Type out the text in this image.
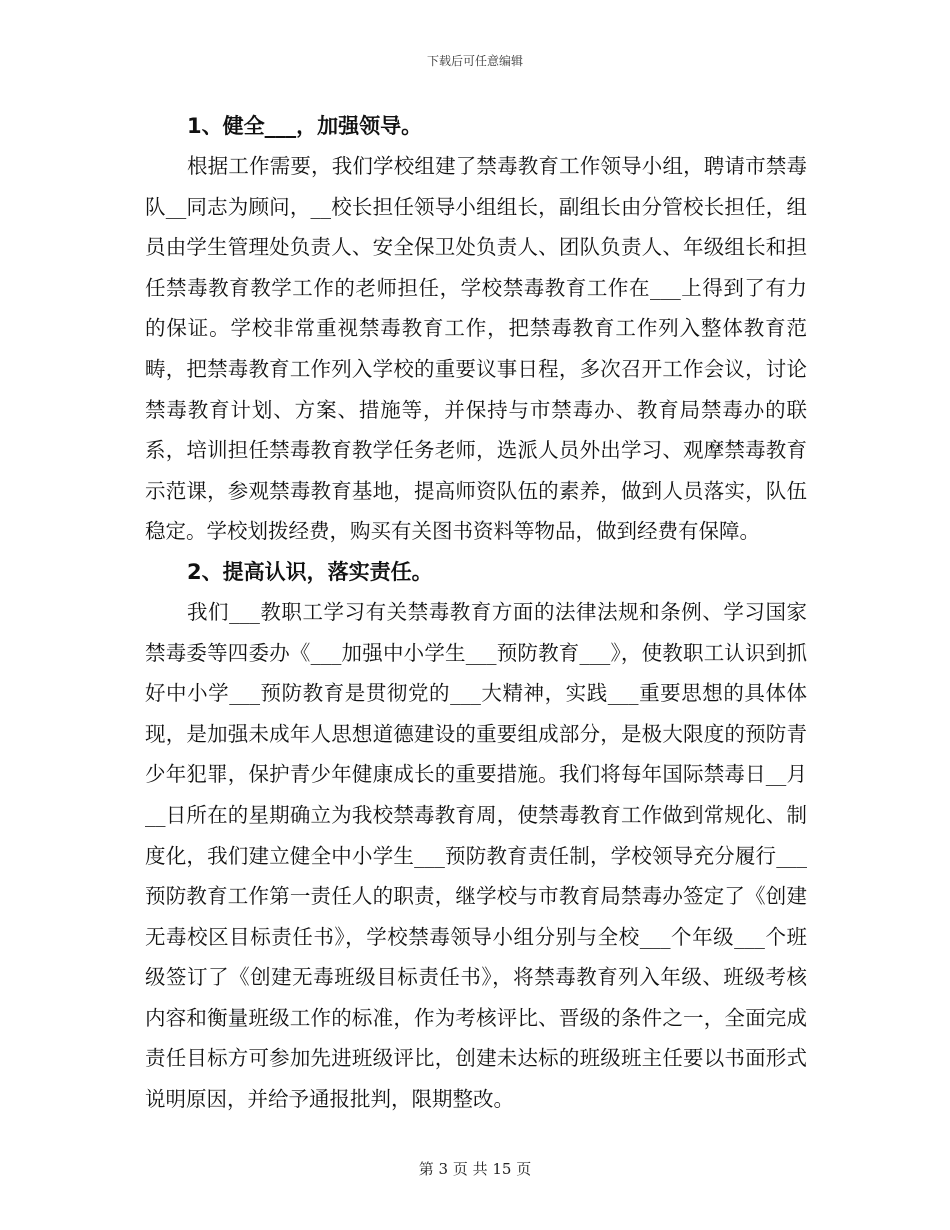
下载后可任意编辑
1、健全___，加强领导。
根据工作需要，我们学校组建了禁毒教育工作领导小组，聘请市禁毒队__同志为顾问，__校长担任领导小组组长，副组长由分管校长担任，组员由学生管理处负责人、安全保卫处负责人、团队负责人、年级组长和担任禁毒教育教学工作的老师担任，学校禁毒教育工作在___上得到了有力的保证。学校非常重视禁毒教育工作，把禁毒教育工作列入整体教育范畴，把禁毒教育工作列入学校的重要议事日程，多次召开工作会议，讨论禁毒教育计划、方案、措施等，并保持与市禁毒办、教育局禁毒办的联系，培训担任禁毒教育教学任务老师，选派人员外出学习、观摩禁毒教育示范课，参观禁毒教育基地，提高师资队伍的素养，做到人员落实，队伍稳定。学校划拨经费，购买有关图书资料等物品，做到经费有保障。
2、提高认识，落实责任。
我们___教职工学习有关禁毒教育方面的法律法规和条例、学习国家禁毒委等四委办《___加强中小学生___预防教育___》，使教职工认识到抓好中小学___预防教育是贯彻党的___大精神，实践___重要思想的具体体现，是加强未成年人思想道德建设的重要组成部分，是极大限度的预防青少年犯罪，保护青少年健康成长的重要措施。我们将每年国际禁毒日__月__日所在的星期确立为我校禁毒教育周，使禁毒教育工作做到常规化、制度化，我们建立健全中小学生___预防教育责任制，学校领导充分履行___预防教育工作第一责任人的职责，继学校与市教育局禁毒办签定了《创建无毒校区目标责任书》，学校禁毒领导小组分别与全校___个年级___个班级签订了《创建无毒班级目标责任书》，将禁毒教育列入年级、班级考核内容和衡量班级工作的标准，作为考核评比、晋级的条件之一，全面完成责任目标方可参加先进班级评比，创建未达标的班级班主任要以书面形式说明原因，并给予通报批判，限期整改。
第 3 页 共 15 页
